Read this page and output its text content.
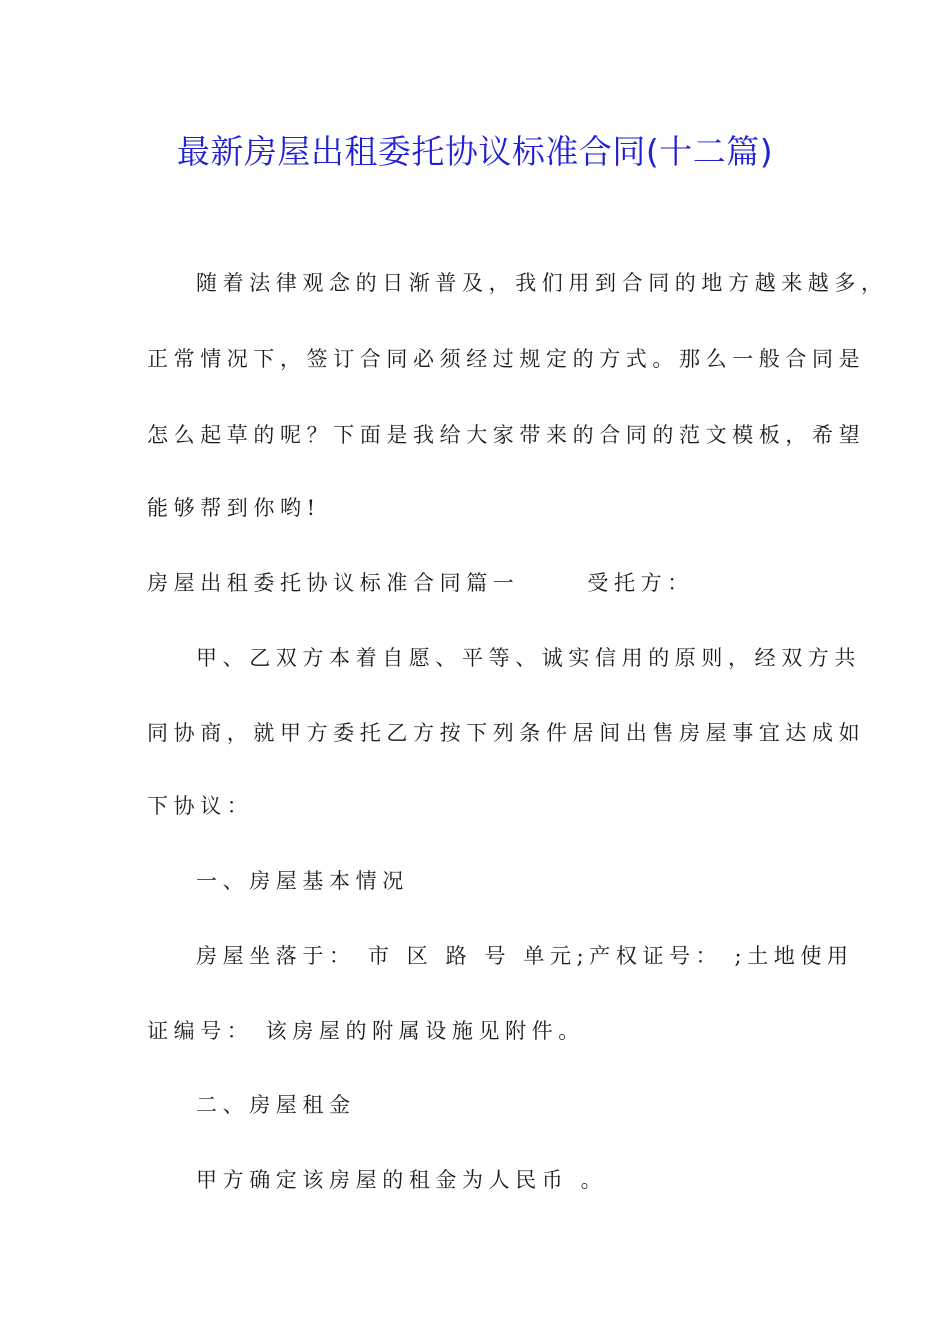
最新房屋出租委托协议标准合同(十二篇)
随着法律观念的日渐普及，我们用到合同的地方越来越多，
正常情况下，签订合同必须经过规定的方式。那么一般合同是
怎么起草的呢？下面是我给大家带来的合同的范文模板，希望
能够帮到你哟!
房屋出租委托协议标准合同篇一	受托方：
甲、乙双方本着自愿、平等、诚实信用的原则，经双方共
同协商，就甲方委托乙方按下列条件居间出售房屋事宜达成如
下协议：
一、房屋基本情况
房屋坐落于： 市 区 路 号 单元;产权证号： ;土地使用
证编号： 该房屋的附属设施见附件。
二、房屋租金
甲方确定该房屋的租金为人民币 。
